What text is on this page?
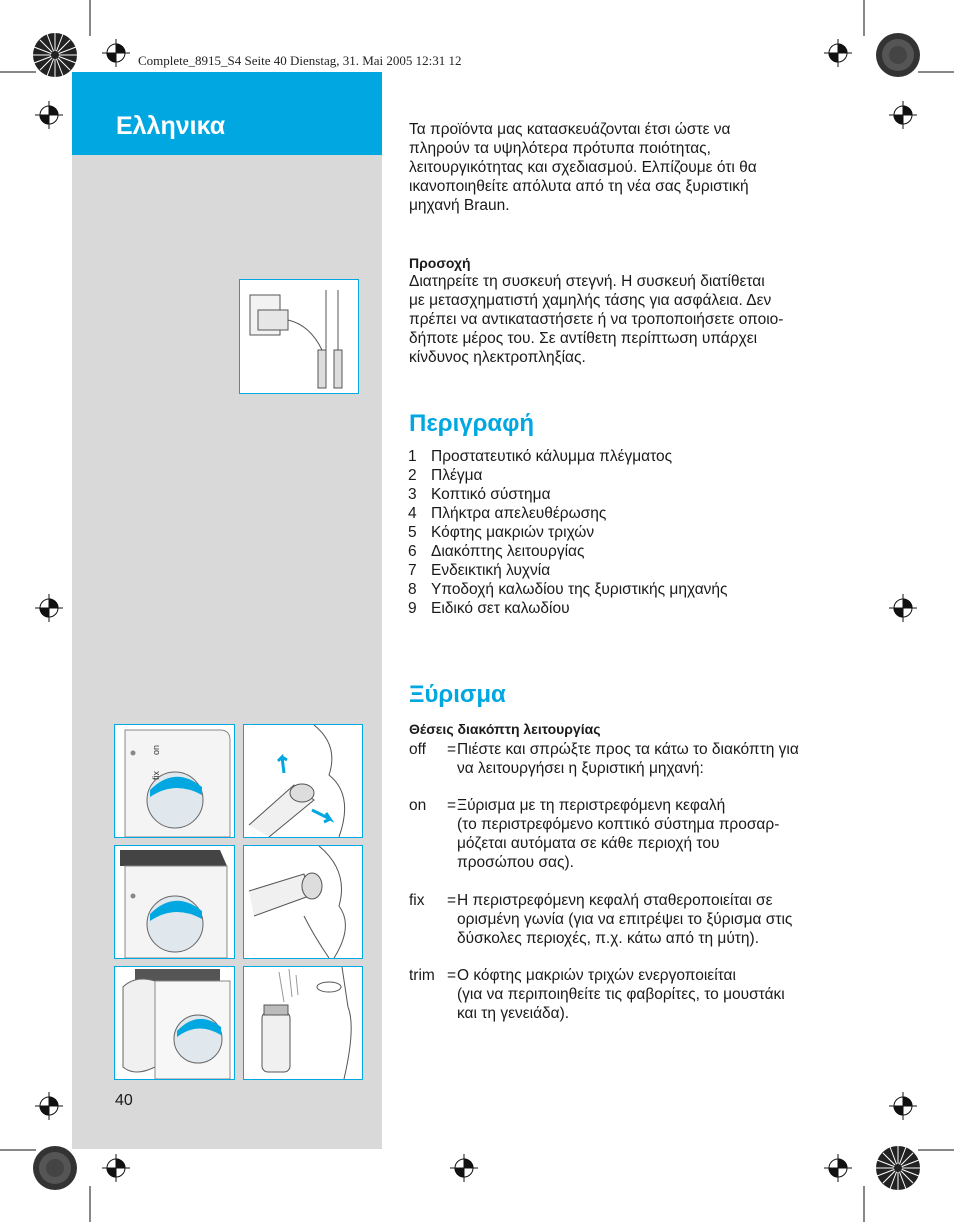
Complete_8915_S4 Seite 40 Dienstag, 31. Mai 2005 12:31 12
Ελληνικα
on
fix
40
Τα προϊόντα μας κατασκευάζονται έτσι ώστε να
πληρούν τα υψηλότερα πρότυπα ποιότητας,
λειτουργικότητας και σχεδιασμού. Ελπίζουμε ότι θα
ικανοποιηθείτε απόλυτα από τη νέα σας ξυριστική
μηχανή Braun.
Προσοχή
Διατηρείτε τη συσκευή στεγνή. Η συσκευή διατίθεται
με μετασχηματιστή χαμηλής τάσης για ασφάλεια. Δεν
πρέπει να αντικαταστήσετε ή να τροποποιήσετε οποιο-
δήποτε μέρος του. Σε αντίθετη περίπτωση υπάρχει
κίνδυνος ηλεκτροπληξίας.
Περιγραφή
1 Προστατευτικό κάλυμμα πλέγματος
2 Πλέγμα
3 Κοπτικό σύστημα
4 Πλήκτρα απελευθέρωσης
5 Κόφτης μακριών τριχών
6 Διακόπτης λειτουργίας
7 Ενδεικτική λυχνία
8 Υποδοχή καλωδίου της ξυριστικής μηχανής
9 Ειδικό σετ καλωδίου
Ξύρισμα
Θέσεις διακόπτη λειτουργίας
off	= Πιέστε και σπρώξτε προς τα κάτω το διακόπτη για
να λειτουργήσει η ξυριστική μηχανή:
on	= Ξύρισμα με τη περιστρεφόμενη κεφαλή
(το περιστρεφόμενο κοπτικό σύστημα προσαρ-
μόζεται αυτόματα σε κάθε περιοχή του
προσώπου σας).
fix	= Η περιστρεφόμενη κεφαλή σταθεροποιείται σε
ορισμένη γωνία (για να επιτρέψει το ξύρισμα στις
δύσκολες περιοχές, π.χ. κάτω από τη μύτη).
trim = Ο κόφτης μακριών τριχών ενεργοποιείται
(για να περιποιηθείτε τις φαβορίτες, το μουστάκι
και τη γενειάδα).
